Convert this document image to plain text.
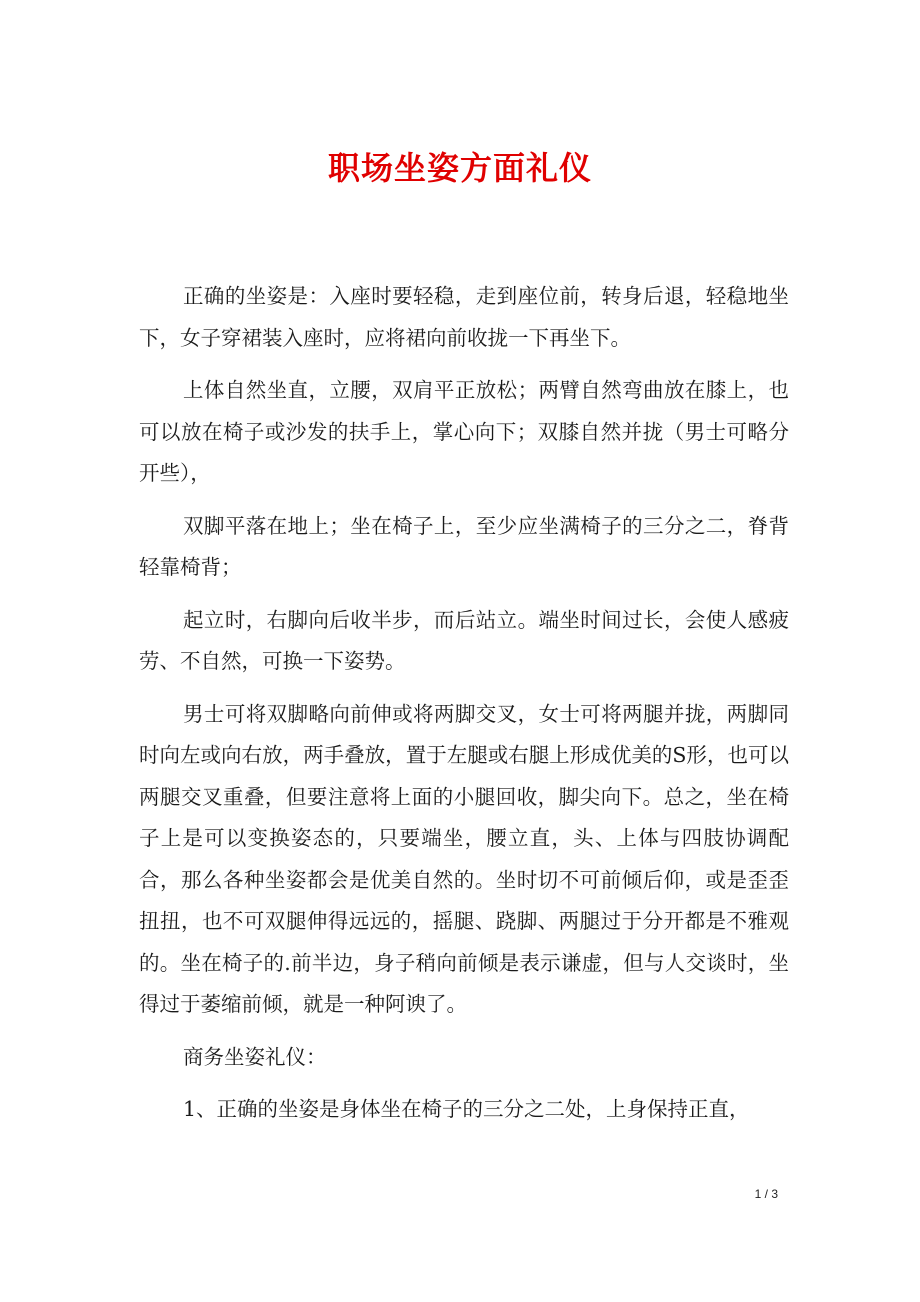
职场坐姿方面礼仪

正确的坐姿是：入座时要轻稳，走到座位前，转身后退，轻稳地坐下，女子穿裙装入座时，应将裙向前收拢一下再坐下。

上体自然坐直，立腰，双肩平正放松；两臂自然弯曲放在膝上，也可以放在椅子或沙发的扶手上，掌心向下；双膝自然并拢（男士可略分开些），

双脚平落在地上；坐在椅子上，至少应坐满椅子的三分之二，脊背轻靠椅背；

起立时，右脚向后收半步，而后站立。端坐时间过长，会使人感疲劳、不自然，可换一下姿势。

男士可将双脚略向前伸或将两脚交叉，女士可将两腿并拢，两脚同时向左或向右放，两手叠放，置于左腿或右腿上形成优美的S形，也可以两腿交叉重叠，但要注意将上面的小腿回收，脚尖向下。总之，坐在椅子上是可以变换姿态的，只要端坐，腰立直，头、上体与四肢协调配合，那么各种坐姿都会是优美自然的。坐时切不可前倾后仰，或是歪歪扭扭，也不可双腿伸得远远的，摇腿、跷脚、两腿过于分开都是不雅观的。坐在椅子的.前半边，身子稍向前倾是表示谦虚，但与人交谈时，坐得过于萎缩前倾，就是一种阿谀了。

商务坐姿礼仪：

1、正确的坐姿是身体坐在椅子的三分之二处，上身保持正直，

1 / 3
